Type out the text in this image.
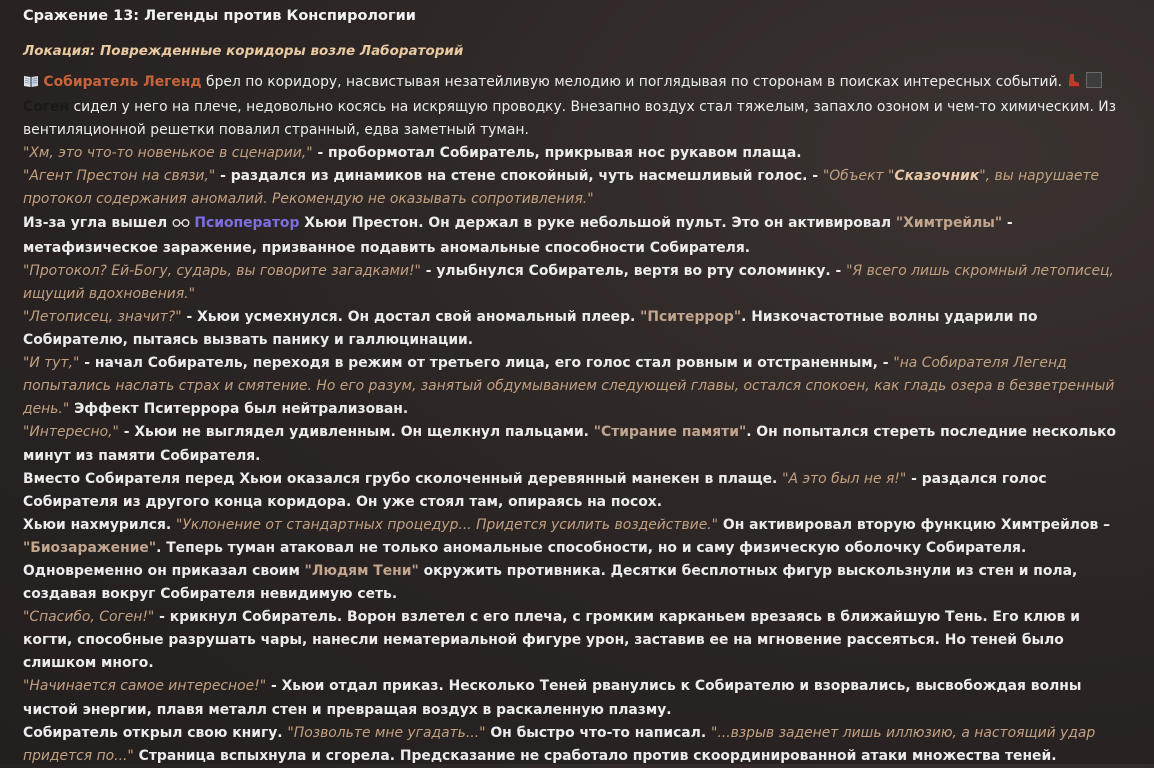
Сражение 13: Легенды против Конспирологии
Локация: Поврежденные коридоры возле Лабораторий

Собиратель Легенд брел по коридору, насвистывая незатейливую мелодию и поглядывая по сторонам в поисках интересных событий.
Соген сидел у него на плече, недовольно косясь на искрящую проводку. Внезапно воздух стал тяжелым, запахло озоном и чем-то химическим. Из вентиляционной решетки повалил странный, едва заметный туман.

"Хм, это что-то новенькое в сценарии," - пробормотал Собиратель, прикрывая нос рукавом плаща.

"Агент Престон на связи," - раздался из динамиков на стене спокойный, чуть насмешливый голос. - "Объект "Сказочник", вы нарушаете протокол содержания аномалий. Рекомендую не оказывать сопротивления."

Из-за угла вышел  Псиоператор Хьюи Престон. Он держал в руке небольшой пульт. Это он активировал "Химтрейлы" - метафизическое заражение, призванное подавить аномальные способности Собирателя.

"Протокол? Ей-Богу, сударь, вы говорите загадками!" - улыбнулся Собиратель, вертя во рту соломинку. - "Я всего лишь скромный летописец, ищущий вдохновения."

"Летописец, значит?" - Хьюи усмехнулся. Он достал свой аномальный плеер. "Пситеррор". Низкочастотные волны ударили по Собирателю, пытаясь вызвать панику и галлюцинации.

"И тут," - начал Собиратель, переходя в режим от третьего лица, его голос стал ровным и отстраненным, - "на Собирателя Легенд попытались наслать страх и смятение. Но его разум, занятый обдумыванием следующей главы, остался спокоен, как гладь озера в безветренный день." Эффект Пситеррора был нейтрализован.

"Интересно," - Хьюи не выглядел удивленным. Он щелкнул пальцами. "Стирание памяти". Он попытался стереть последние несколько минут из памяти Собирателя.

Вместо Собирателя перед Хьюи оказался грубо сколоченный деревянный манекен в плаще. "А это был не я!" - раздался голос Собирателя из другого конца коридора. Он уже стоял там, опираясь на посох.

Хьюи нахмурился. "Уклонение от стандартных процедур... Придется усилить воздействие." Он активировал вторую функцию Химтрейлов – "Биозаражение". Теперь туман атаковал не только аномальные способности, но и саму физическую оболочку Собирателя. Одновременно он приказал своим "Людям Тени" окружить противника. Десятки бесплотных фигур выскользнули из стен и пола, создавая вокруг Собирателя невидимую сеть.

"Спасибо, Соген!" - крикнул Собиратель. Ворон взлетел с его плеча, с громким карканьем врезаясь в ближайшую Тень. Его клюв и когти, способные разрушать чары, нанесли нематериальной фигуре урон, заставив ее на мгновение рассеяться. Но теней было слишком много.

"Начинается самое интересное!" - Хьюи отдал приказ. Несколько Теней рванулись к Собирателю и взорвались, высвобождая волны чистой энергии, плавя металл стен и превращая воздух в раскаленную плазму.

Собиратель открыл свою книгу. "Позвольте мне угадать..." Он быстро что-то написал. "...взрыв заденет лишь иллюзию, а настоящий удар придется по..." Страница вспыхнула и сгорела. Предсказание не сработало против скоординированной атаки множества теней.
